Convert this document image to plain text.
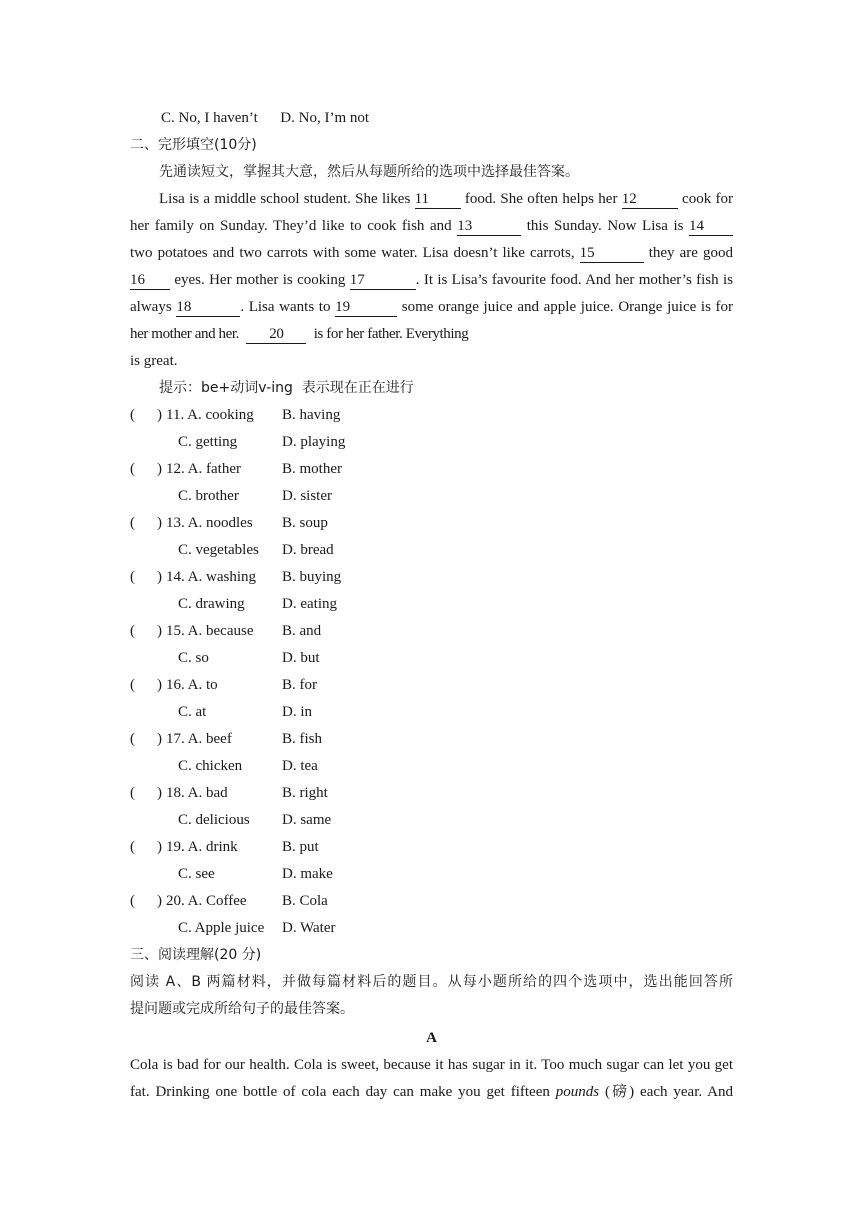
C. No, I haven’t      D. No, I’m not
二、完形填空(10分)
先通读短文，掌握其大意，然后从每题所给的选项中选择最佳答案。
Lisa is a middle school student. She likes 11 food. She often helps her 12	cook for
her family on Sunday. They’d like to cook fish and 13	this Sunday. Now Lisa is 14
two potatoes and two carrots with some water. Lisa doesn’t like carrots, 15	they are good
16 eyes. Her mother is cooking 17	. It is Lisa’s favourite food. And her mother’s fish is
always 18	. Lisa wants to 19	some orange juice and apple juice. Orange juice is for
her mother and her. 20 is for her father. Everything
is great.
提示：be+动词v-ing  表示现在正在进行
( ) 11. A. cooking B. having
C. getting	D. playing
( ) 12. A. father	B. mother
C. brother	D. sister
( ) 13. A. noodles B. soup
C. vegetables D. bread
( ) 14. A. washing B. buying
C. drawing D. eating
( ) 15. A. because B. and
C. so	D. but
( ) 16. A. to	B. for
C. at	D. in
( ) 17. A. beef	B. fish
C. chicken	D. tea
( ) 18. A. bad	B. right
C. delicious D. same
( ) 19. A. drink	B. put
C. see	D. make
( ) 20. A. Coffee B. Cola
C. Apple juice D. Water
三、阅读理解(20 分)
阅读 A、B 两篇材料，并做每篇材料后的题目。从每小题所给的四个选项中，选出能回答所
提问题或完成所给句子的最佳答案。
A
Cola is bad for our health. Cola is sweet, because it has sugar in it. Too much sugar can let you get
fat. Drinking one bottle of cola each day can make you get fifteen pounds (磅) each year. And
